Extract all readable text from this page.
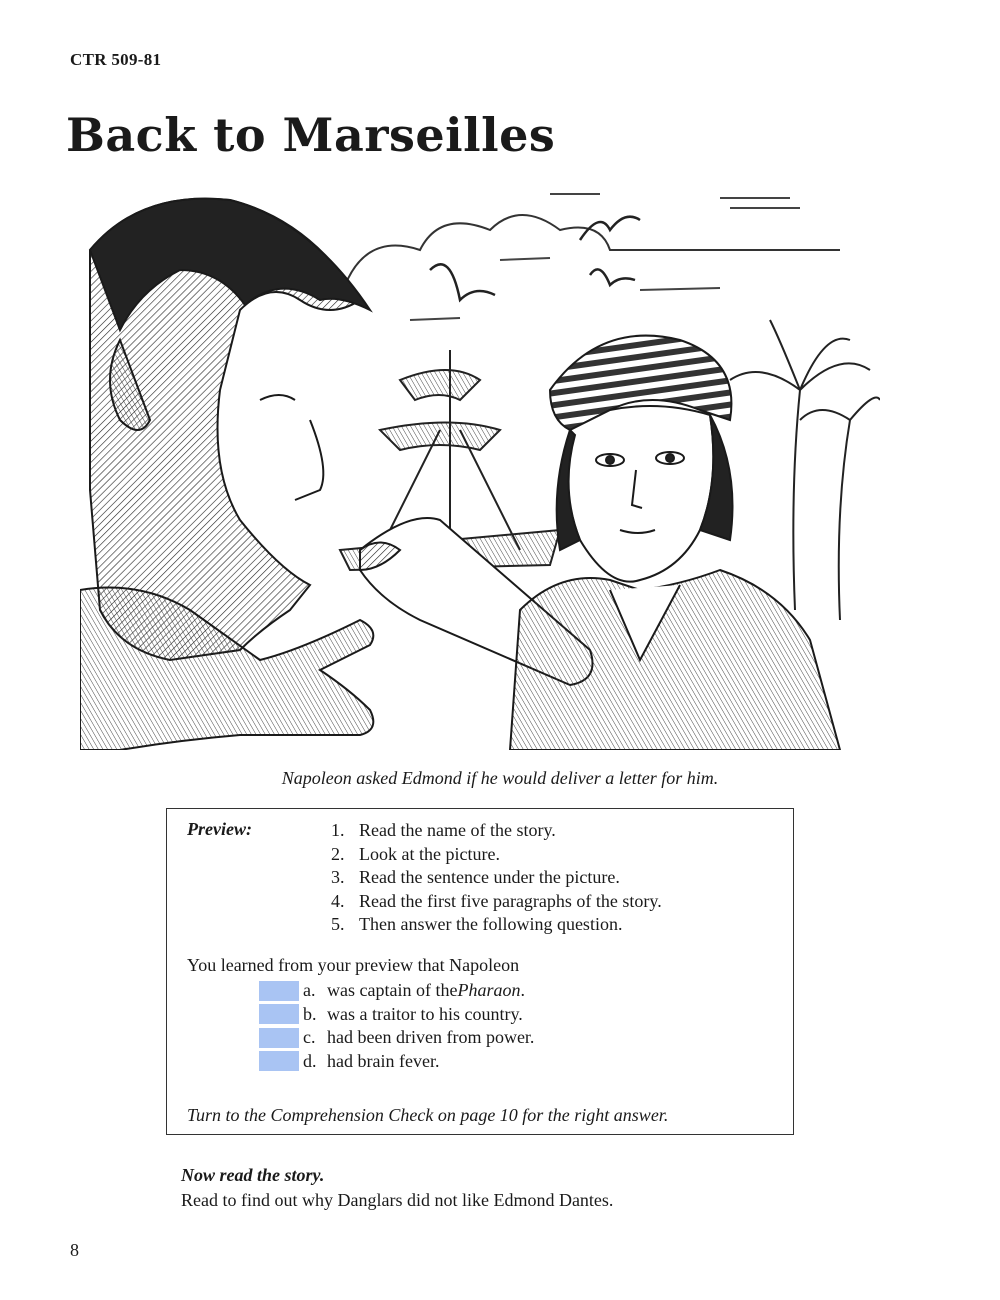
CTR 509-81
Back to Marseilles
Napoleon asked Edmond if he would deliver a letter for him.
Preview:	1. Read the name of the story.
2. Look at the picture.
3. Read the sentence under the picture.
4. Read the first five paragraphs of the story.
5. Then answer the following question.
You learned from your preview that Napoleon
a. was captain of the Pharaon .
b. was a traitor to his country.
c. had been driven from power.
d. had brain fever.
Turn to the Comprehension Check on page 10 for the right answer.
Now read the story.
Read to find out why Danglars did not like Edmond Dantes.
8
